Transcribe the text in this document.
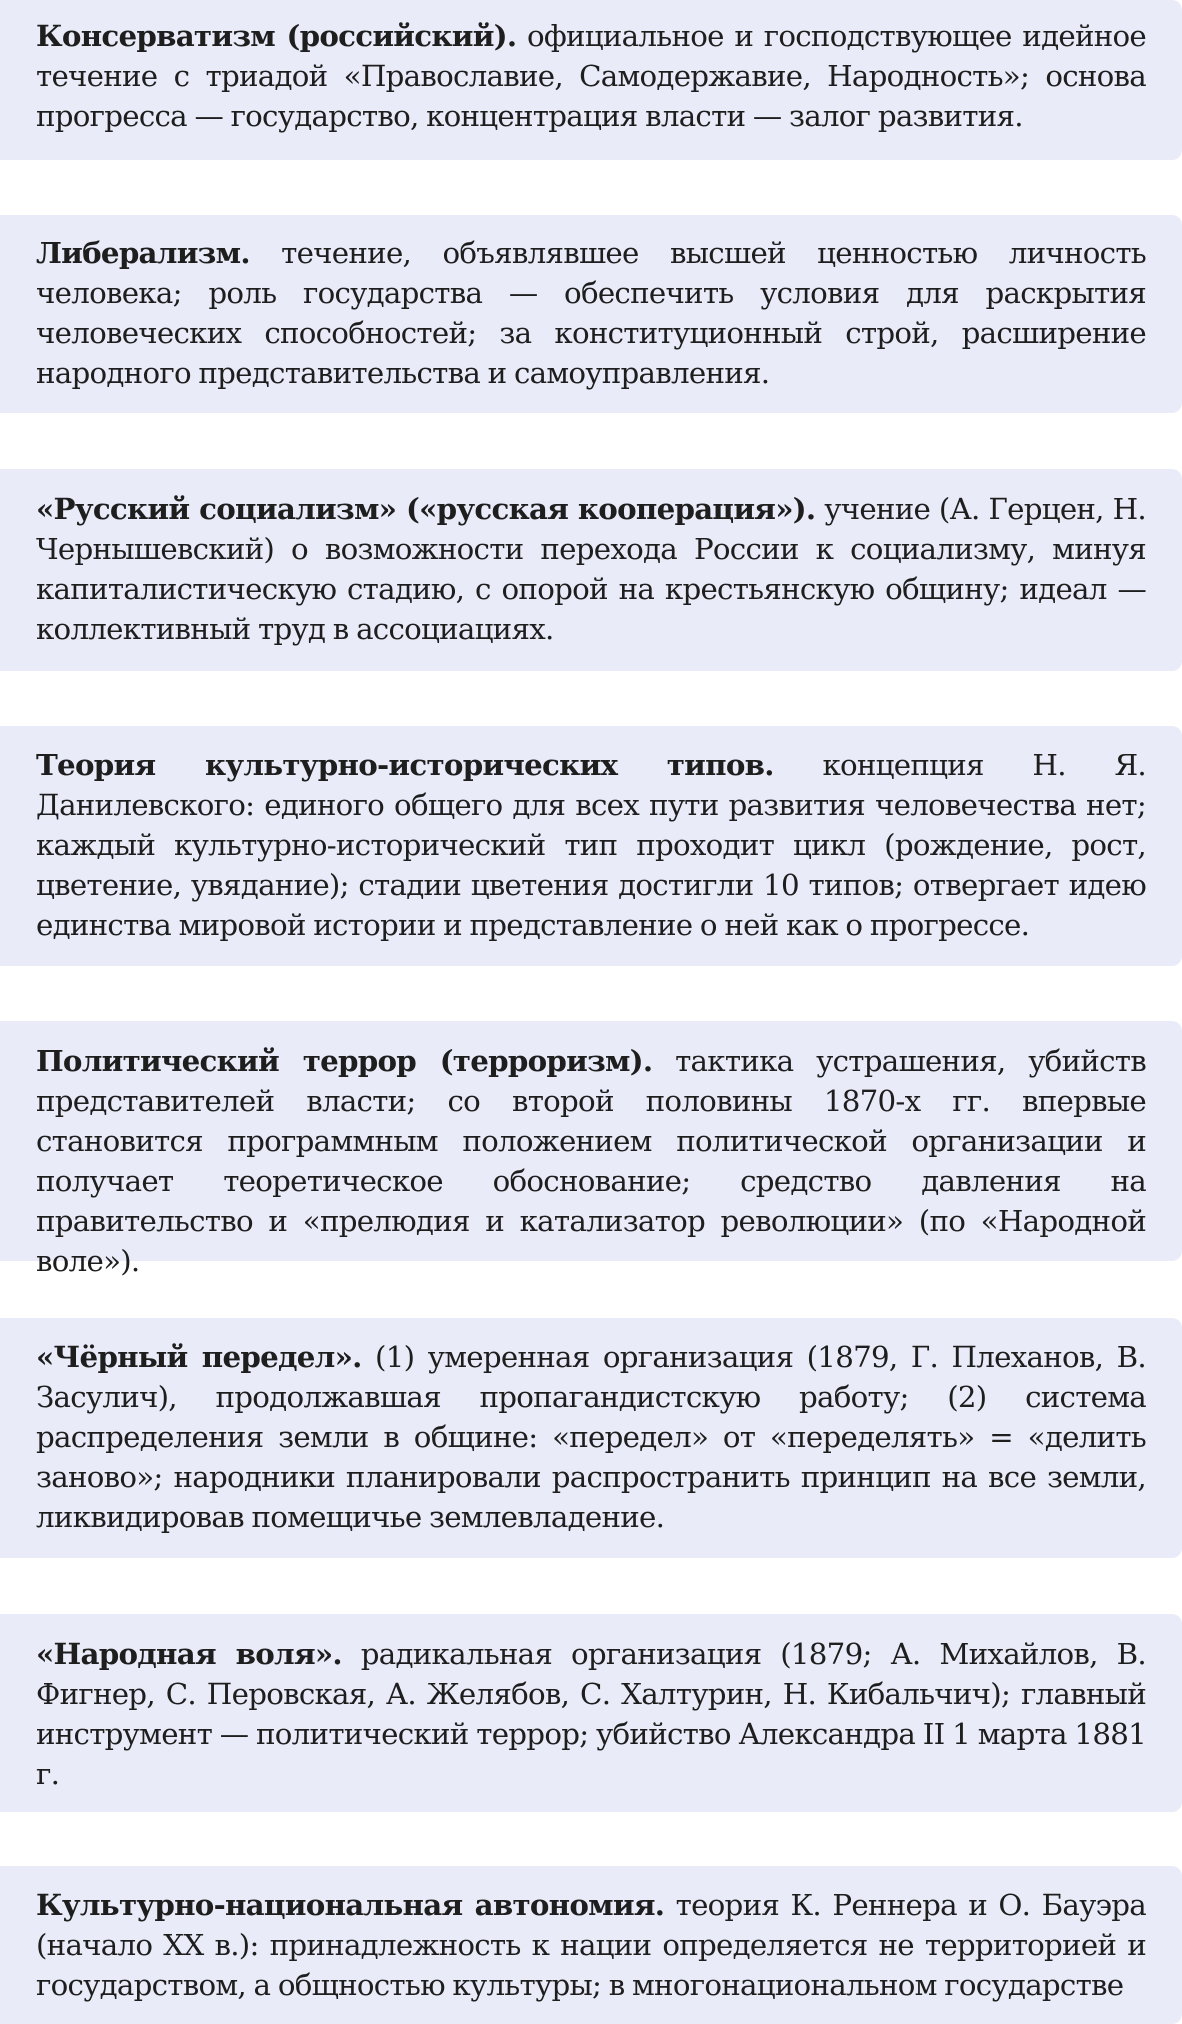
Консерватизм (российский). официальное и господствующее идейное течение с триадой «Православие, Самодержавие, Народность»; основа прогресса — государство, концентрация власти — залог развития.
Либерализм. течение, объявлявшее высшей ценностью личность человека; роль государства — обеспечить условия для раскрытия человеческих способностей; за конституционный строй, расширение народного представительства и самоуправления.
«Русский социализм» («русская кооперация»). учение (А. Герцен, Н. Чернышевский) о возможности перехода России к социализму, минуя капиталистическую стадию, с опорой на крестьянскую общину; идеал — коллективный труд в ассоциациях.
Теория культурно-исторических типов. концепция Н. Я. Данилевского: единого общего для всех пути развития человечества нет; каждый культурно-исторический тип проходит цикл (рождение, рост, цветение, увядание); стадии цветения достигли 10 типов; отвергает идею единства мировой истории и представление о ней как о прогрессе.
Политический террор (терроризм). тактика устрашения, убийств представителей власти; со второй половины 1870-х гг. впервые становится программным положением политической организации и получает теоретическое обоснование; средство давления на правительство и «прелюдия и катализатор революции» (по «Народной воле»).
«Чёрный передел». (1) умеренная организация (1879, Г. Плеханов, В. Засулич), продолжавшая пропагандистскую работу; (2) система распределения земли в общине: «передел» от «переделять» = «делить заново»; народники планировали распространить принцип на все земли, ликвидировав помещичье землевладение.
«Народная воля». радикальная организация (1879; А. Михайлов, В. Фигнер, С. Перовская, А. Желябов, С. Халтурин, Н. Кибальчич); главный инструмент — политический террор; убийство Александра II 1 марта 1881 г.
Культурно-национальная автономия. теория К. Реннера и О. Бауэра (начало XX в.): принадлежность к нации определяется не территорией и государством, а общностью культуры; в многонациональном государстве
